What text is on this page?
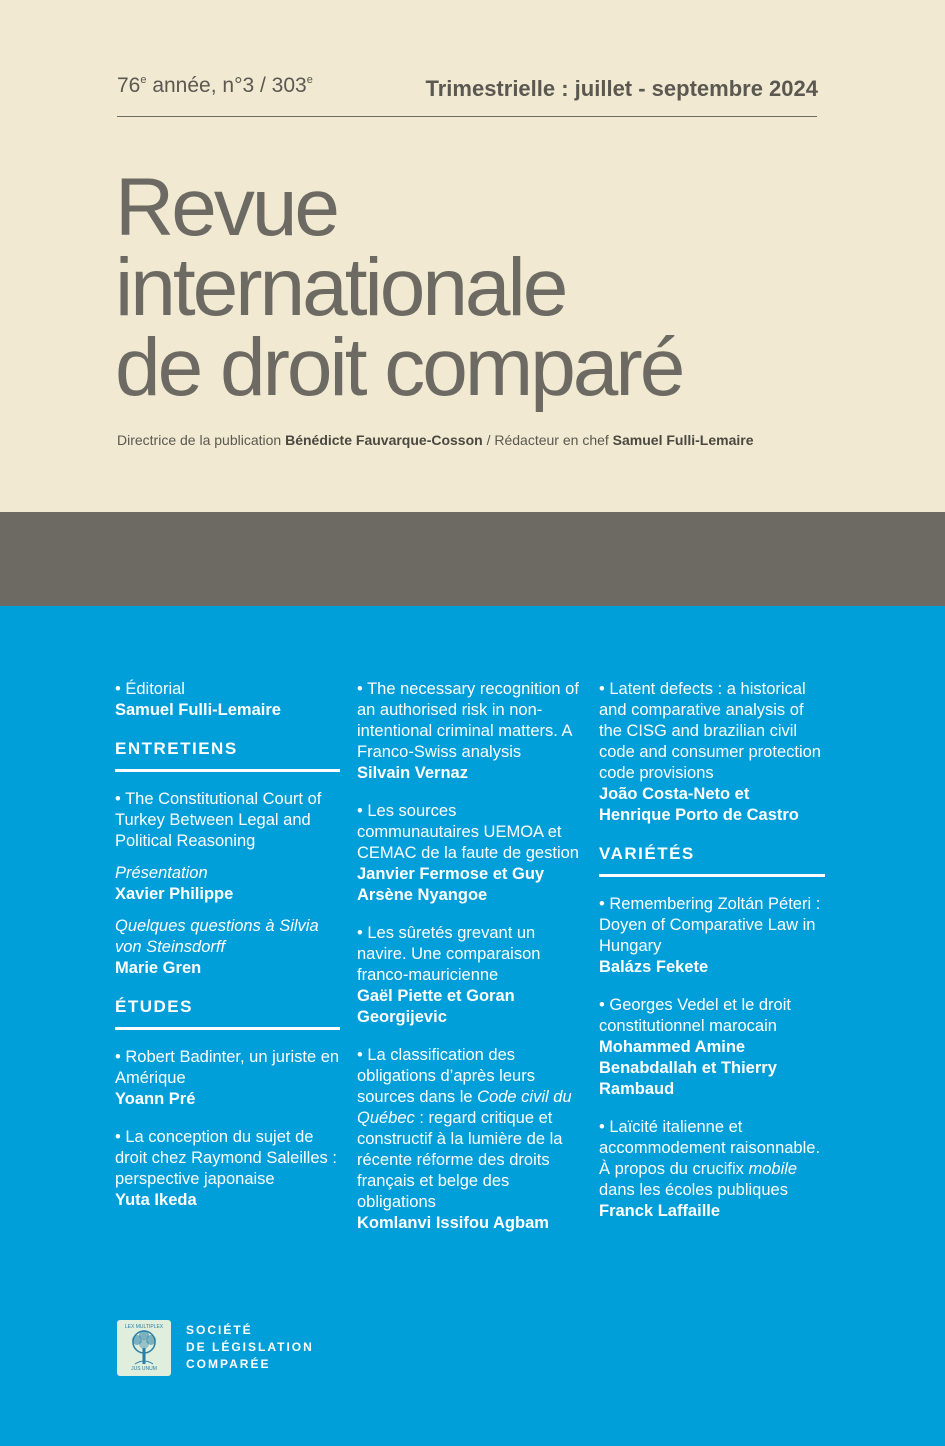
76e année, n°3 / 303e	Trimestrielle : juillet - septembre 2024
Revue
internationale
de droit comparé
Directrice de la publication Bénédicte Fauvarque-Cosson / Rédacteur en chef Samuel Fulli-Lemaire
• Éditorial
Samuel Fulli-Lemaire
ENTRETIENS
• The Constitutional Court of Turkey Between Legal and Political Reasoning
Présentation
Xavier Philippe
Quelques questions à Silvia von Steinsdorff
Marie Gren
ÉTUDES
• Robert Badinter, un juriste en Amérique
Yoann Pré
• La conception du sujet de droit chez Raymond Saleilles : perspective japonaise
Yuta Ikeda
• The necessary recognition of an authorised risk in non-intentional criminal matters. A Franco-Swiss analysis
Silvain Vernaz
• Les sources communautaires UEMOA et CEMAC de la faute de gestion
Janvier Fermose et Guy Arsène Nyangoe
• Les sûretés grevant un navire. Une comparaison franco-mauricienne
Gaël Piette et Goran Georgijevic
• La classification des obligations d’après leurs sources dans le Code civil du Québec : regard critique et constructif à la lumière de la récente réforme des droits français et belge des obligations
Komlanvi Issifou Agbam
• Latent defects : a historical and comparative analysis of the CISG and brazilian civil code and consumer protection code provisions
João Costa-Neto et Henrique Porto de Castro
VARIÉTÉS
• Remembering Zoltán Péteri : Doyen of Comparative Law in Hungary
Balázs Fekete
• Georges Vedel et le droit constitutionnel marocain
Mohammed Amine Benabdallah et Thierry Rambaud
• Laïcité italienne et accommodement raisonnable. À propos du crucifix mobile dans les écoles publiques
Franck Laffaille
LEX MULTIPLEX
JUS UNUM
SOCIÉTÉ
DE LÉGISLATION
COMPARÉE
